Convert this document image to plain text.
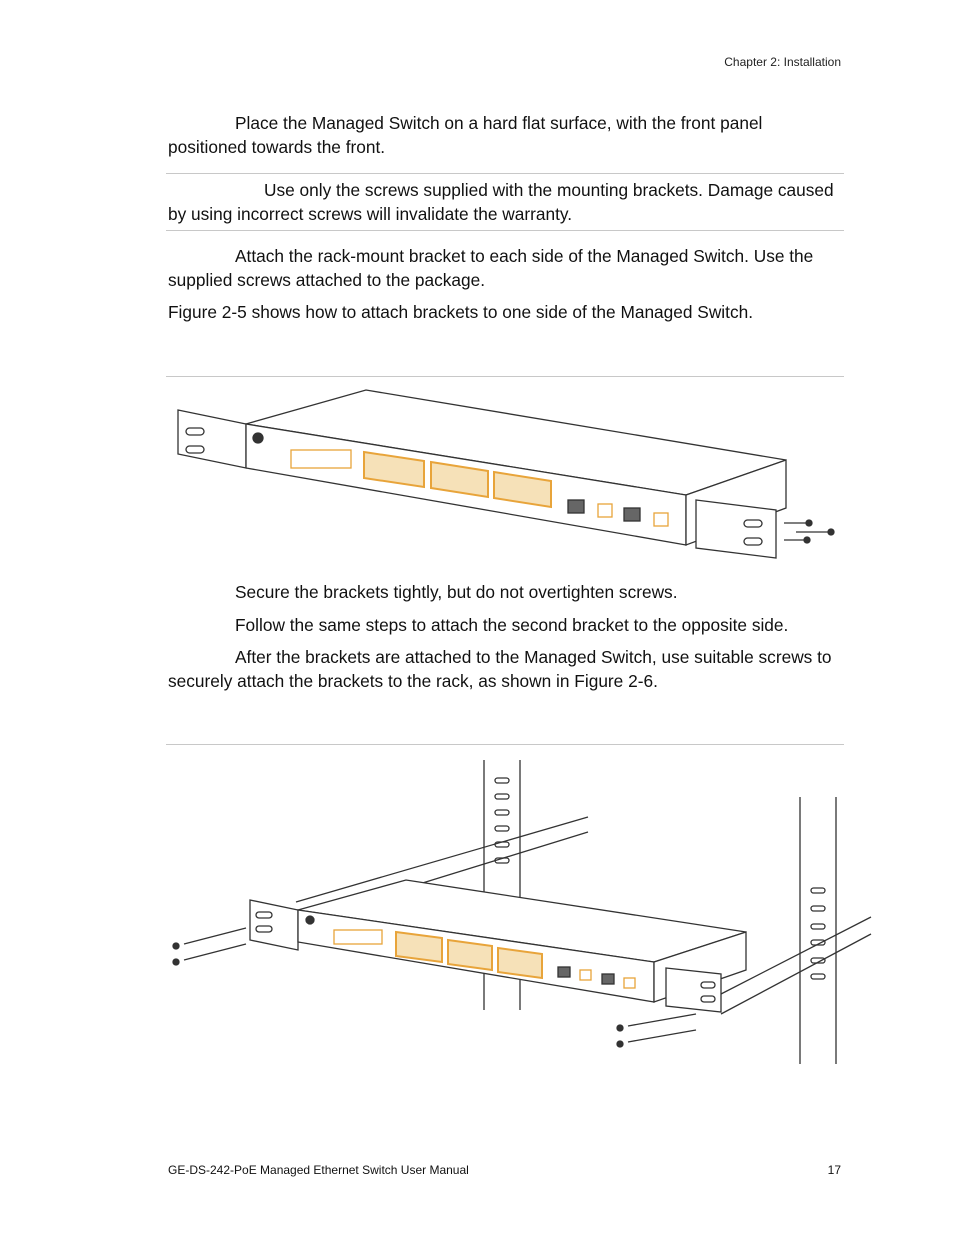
Chapter 2: Installation

Place the Managed Switch on a hard flat surface, with the front panel positioned towards the front.

Use only the screws supplied with the mounting brackets. Damage caused by using incorrect screws will invalidate the warranty.

Attach the rack-mount bracket to each side of the Managed Switch. Use the supplied screws attached to the package.

Figure 2-5 shows how to attach brackets to one side of the Managed Switch.

Secure the brackets tightly, but do not overtighten screws.

Follow the same steps to attach the second bracket to the opposite side.

After the brackets are attached to the Managed Switch, use suitable screws to securely attach the brackets to the rack, as shown in Figure 2-6.

GE-DS-242-PoE Managed Ethernet Switch User Manual	17
